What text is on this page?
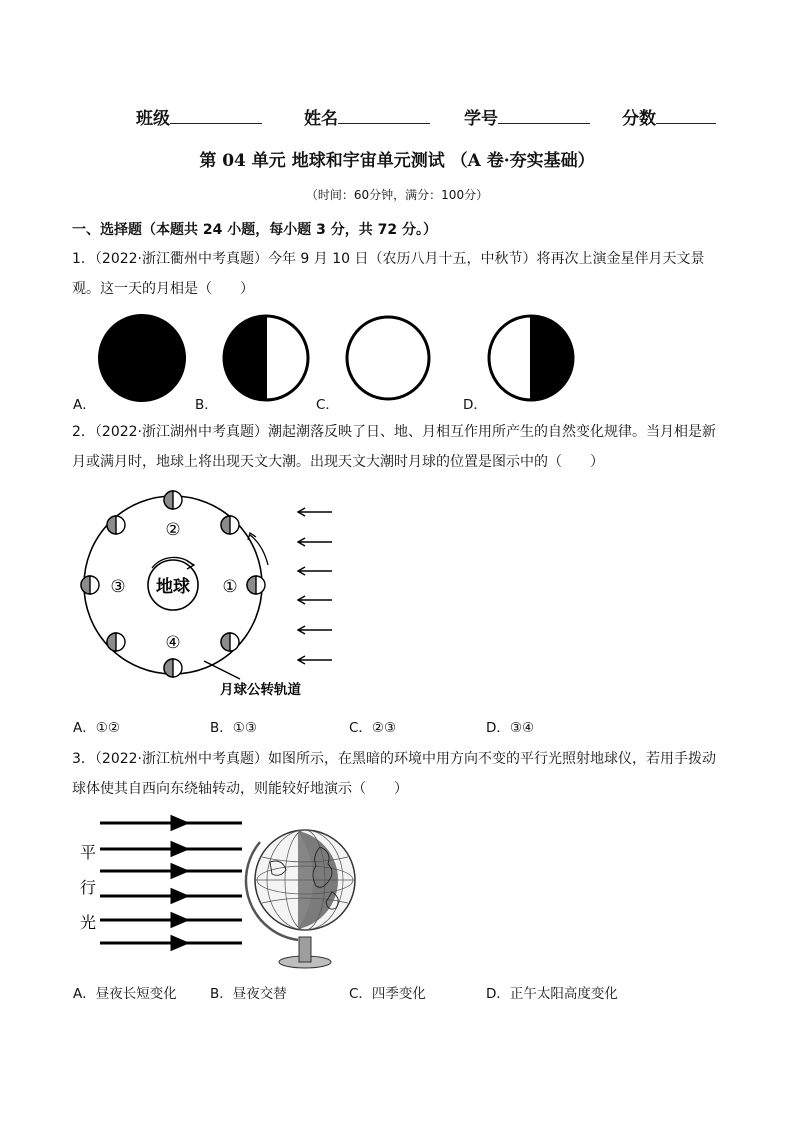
班级	姓名	学号	分数
第 04 单元 地球和宇宙单元测试 （A 卷·夯实基础）
（时间：60分钟，满分：100分）
一、选择题（本题共 24 小题，每小题 3 分，共 72 分。）
1．（2022·浙江衢州中考真题）今年 9 月 10 日（农历八月十五，中秋节）将再次上演金星伴月天文景观。这一天的月相是（　　）
A．	B．	C．	D．
2．（2022·浙江湖州中考真题）潮起潮落反映了日、地、月相互作用所产生的自然变化规律。当月相是新月或满月时，地球上将出现天文大潮。出现天文大潮时月球的位置是图示中的（　　）
地球
②
①
③
④
月球公转轨道
A．①②	B．①③	C．②③	D．③④
3．（2022·浙江杭州中考真题）如图所示，在黑暗的环境中用方向不变的平行光照射地球仪，若用手拨动球体使其自西向东绕轴转动，则能较好地演示（　　）
平
行
光
A．昼夜长短变化 B．昼夜交替	C．四季变化	D．正午太阳高度变化
